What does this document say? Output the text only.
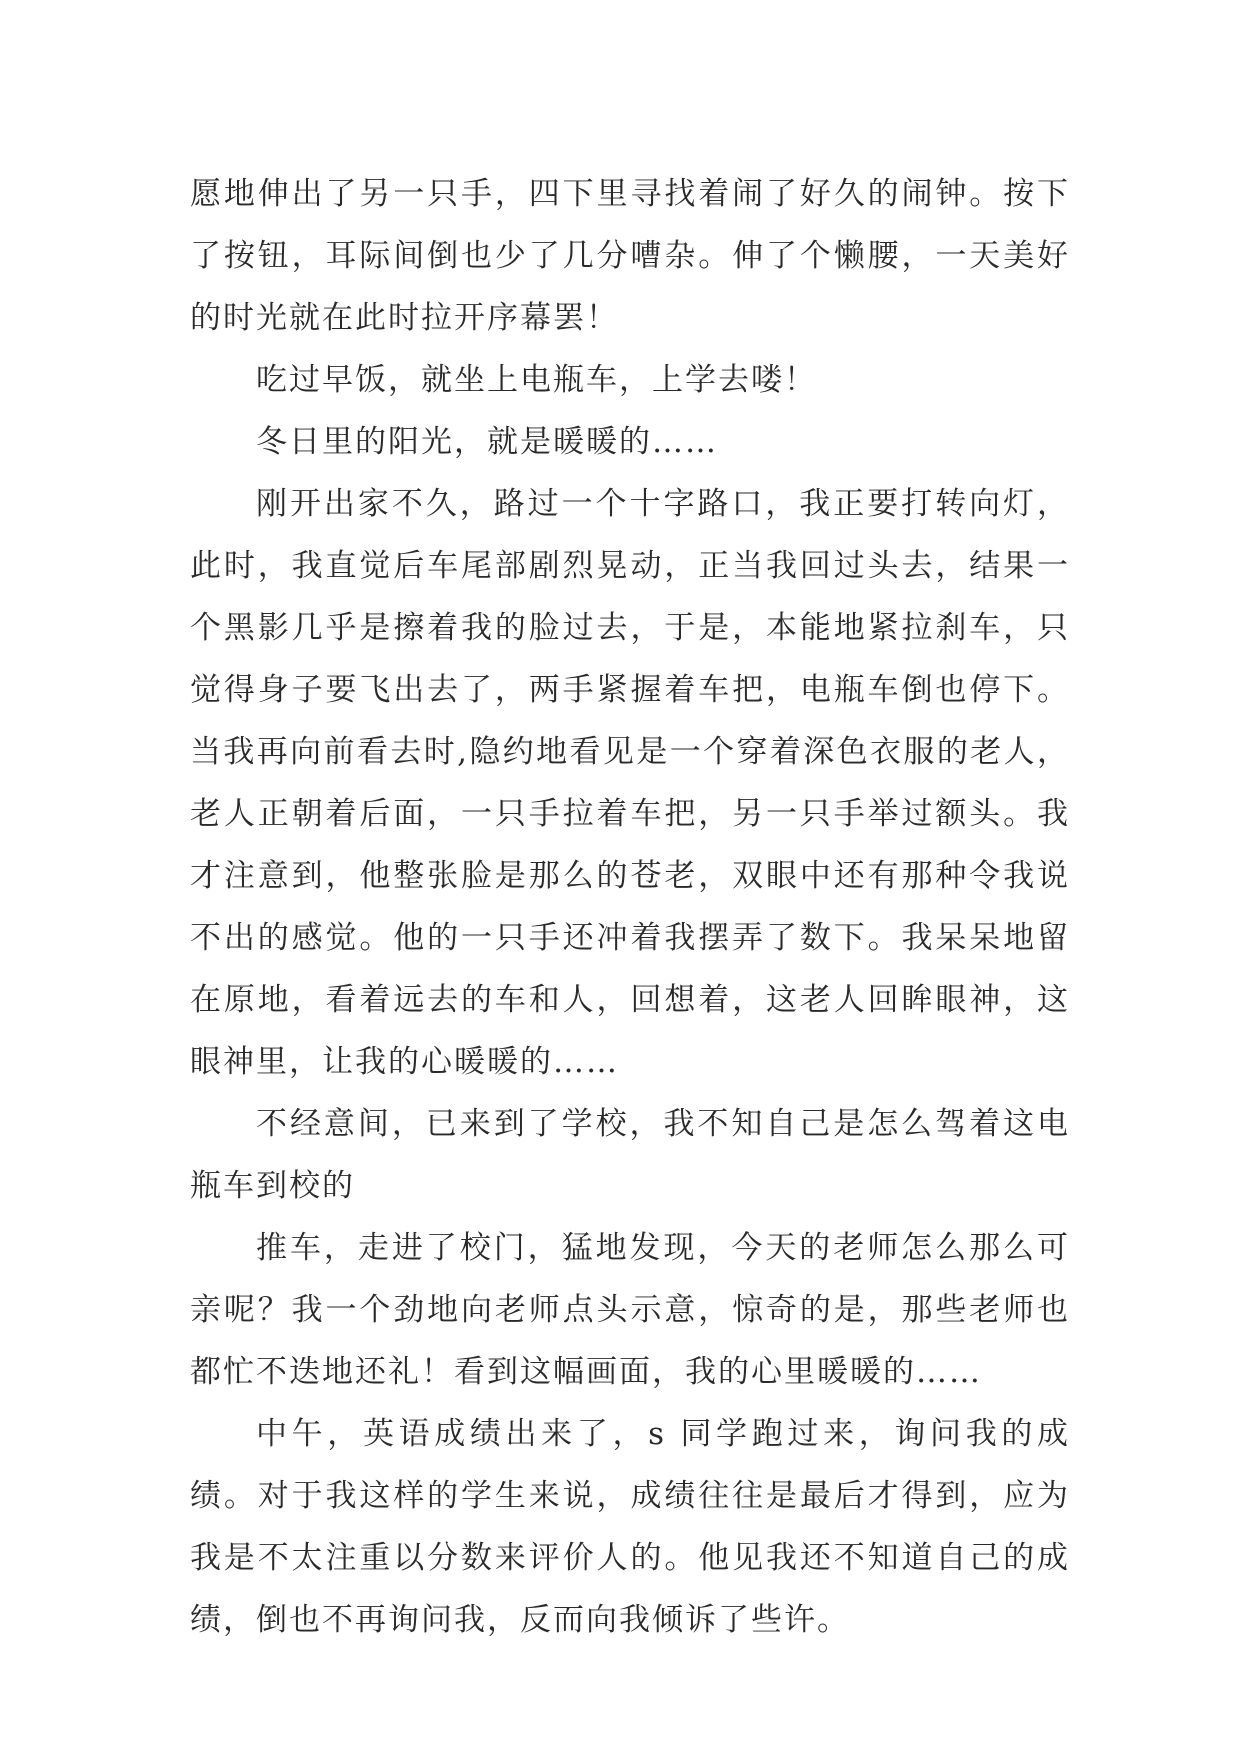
愿地伸出了另一只手，四下里寻找着闹了好久的闹钟。按下了按钮，耳际间倒也少了几分嘈杂。伸了个懒腰，一天美好的时光就在此时拉开序幕罢！

吃过早饭，就坐上电瓶车，上学去喽！

冬日里的阳光，就是暖暖的……

刚开出家不久，路过一个十字路口，我正要打转向灯，此时，我直觉后车尾部剧烈晃动，正当我回过头去，结果一个黑影几乎是擦着我的脸过去，于是，本能地紧拉刹车，只觉得身子要飞出去了，两手紧握着车把，电瓶车倒也停下。当我再向前看去时,隐约地看见是一个穿着深色衣服的老人，老人正朝着后面，一只手拉着车把，另一只手举过额头。我才注意到，他整张脸是那么的苍老，双眼中还有那种令我说不出的感觉。他的一只手还冲着我摆弄了数下。我呆呆地留在原地，看着远去的车和人，回想着，这老人回眸眼神，这眼神里，让我的心暖暖的……

不经意间，已来到了学校，我不知自己是怎么驾着这电瓶车到校的

推车，走进了校门，猛地发现，今天的老师怎么那么可亲呢？我一个劲地向老师点头示意，惊奇的是，那些老师也都忙不迭地还礼！看到这幅画面，我的心里暖暖的……

中午，英语成绩出来了，s 同学跑过来，询问我的成绩。对于我这样的学生来说，成绩往往是最后才得到，应为我是不太注重以分数来评价人的。他见我还不知道自己的成绩，倒也不再询问我，反而向我倾诉了些许。
